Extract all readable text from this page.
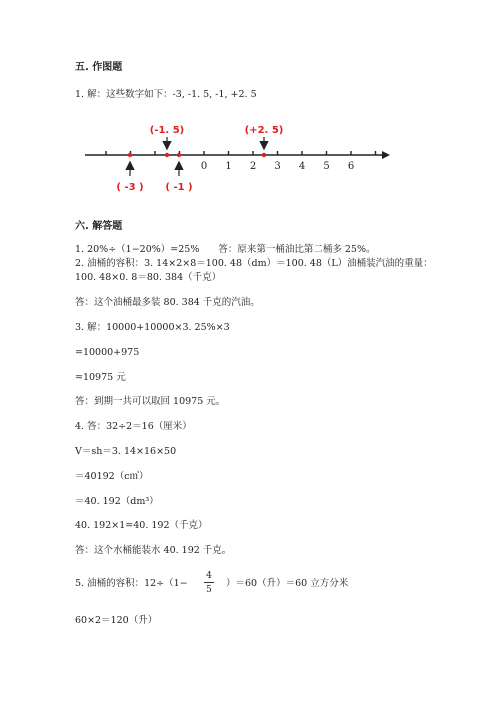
五. 作图题
1. 解：这些数字如下：-3, -1. 5, -1, +2. 5
0 1 2 3 4 5 6
(-1. 5)	(+2. 5)
( -3 ) ( -1 )
六. 解答题
1. 20%÷（1−20%）=25%　　答：原来第一桶油比第二桶多 25%。
2. 油桶的容积：3. 14×2×8＝100. 48（dm）＝100. 48（L）油桶装汽油的重量：
100. 48×0. 8＝80. 384（千克）
答：这个油桶最多装 80. 384 千克的汽油。
3. 解：10000+10000×3. 25%×3
=10000+975
=10975 元
答：到期一共可以取回 10975 元。
4. 答：32÷2＝16（厘米）
V＝sh＝3. 14×16×50
＝40192（c㎥）
＝40. 192（dm³）
40. 192×1=40. 192（千克）
答：这个水桶能装水 40. 192 千克。
5. 油桶的容积：12÷（1−
4
5
）＝60（升）＝60 立方分米
60×2＝120（升）
